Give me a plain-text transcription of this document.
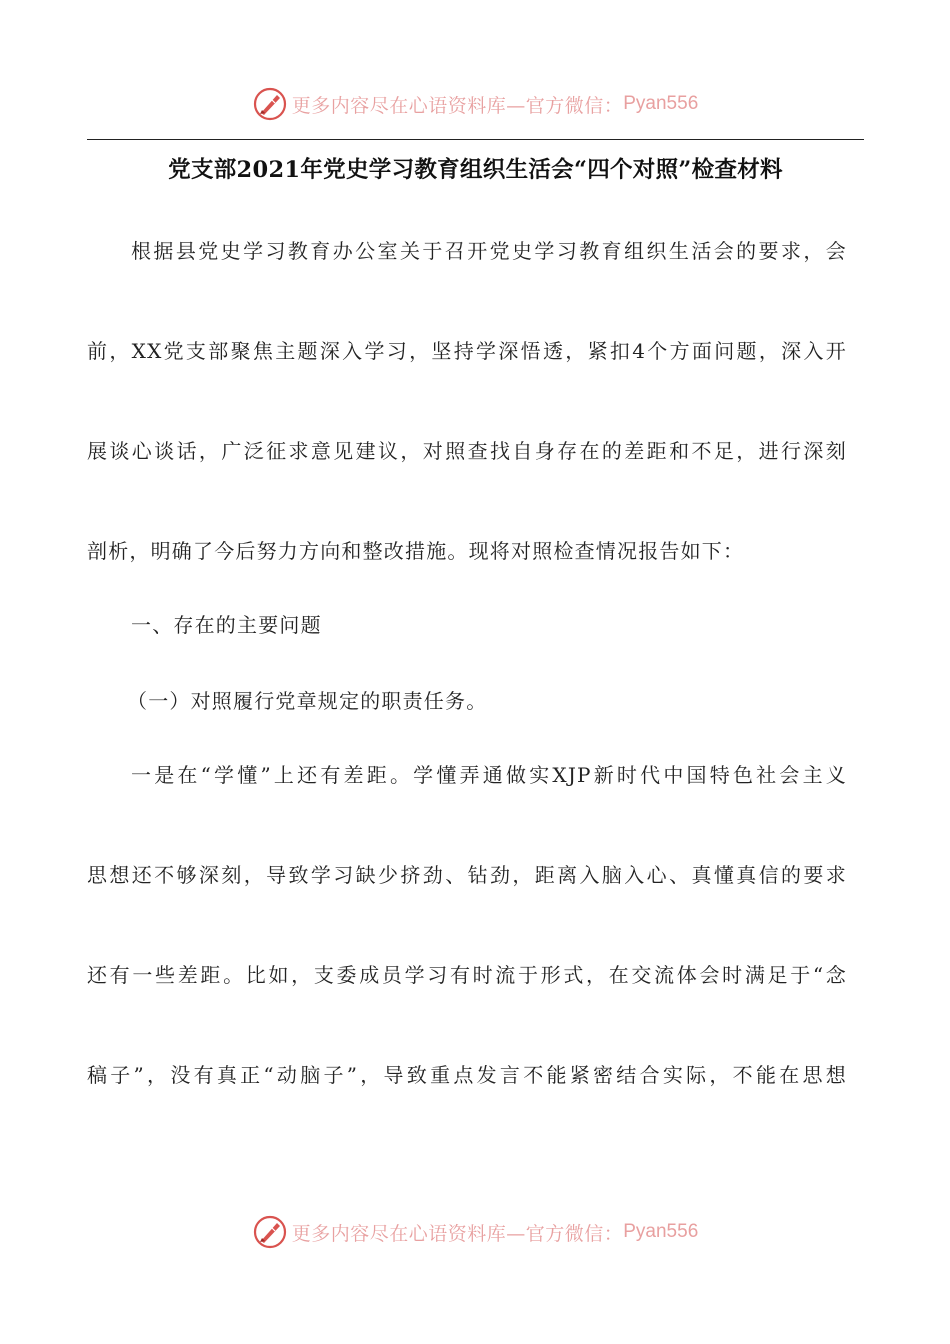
更多内容尽在心语资料库—官方微信： Pyan556
党支部2021年党史学习教育组织生活会“四个对照”检查材料
根据县党史学习教育办公室关于召开党史学习教育组织生活会的要求，会
前，XX党支部聚焦主题深入学习，坚持学深悟透，紧扣4个方面问题，深入开
展谈心谈话，广泛征求意见建议，对照查找自身存在的差距和不足，进行深刻
剖析，明确了今后努力方向和整改措施。现将对照检查情况报告如下：
一、存在的主要问题
（一）对照履行党章规定的职责任务。
一是在“学懂”上还有差距。学懂弄通做实XJP新时代中国特色社会主义
思想还不够深刻，导致学习缺少挤劲、钻劲，距离入脑入心、真懂真信的要求
还有一些差距。比如，支委成员学习有时流于形式，在交流体会时满足于“念
稿子”，没有真正“动脑子”，导致重点发言不能紧密结合实际，不能在思想
更多内容尽在心语资料库—官方微信： Pyan556
